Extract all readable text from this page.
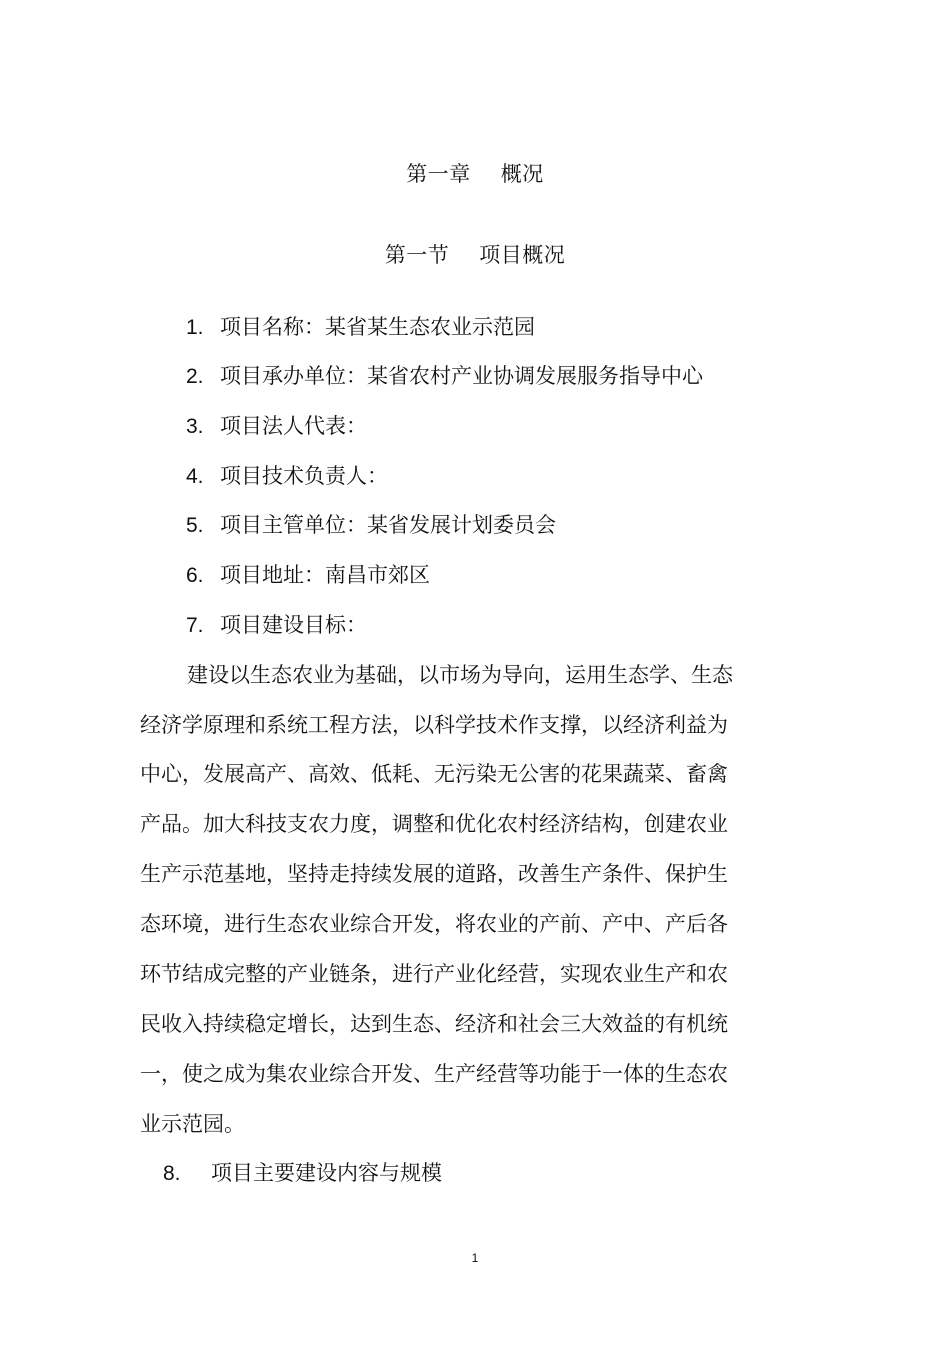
第一章 概况
第一节 项目概况
1. 项目名称：某省某生态农业示范园
2. 项目承办单位：某省农村产业协调发展服务指导中心
3. 项目法人代表：
4. 项目技术负责人：
5. 项目主管单位：某省发展计划委员会
6. 项目地址：南昌市郊区
7. 项目建设目标：
建设以生态农业为基础，以市场为导向，运用生态学、生态
经济学原理和系统工程方法，以科学技术作支撑，以经济利益为
中心，发展高产、高效、低耗、无污染无公害的花果蔬菜、畜禽
产品。加大科技支农力度，调整和优化农村经济结构，创建农业
生产示范基地，坚持走持续发展的道路，改善生产条件、保护生
态环境，进行生态农业综合开发，将农业的产前、产中、产后各
环节结成完整的产业链条，进行产业化经营，实现农业生产和农
民收入持续稳定增长，达到生态、经济和社会三大效益的有机统
一，使之成为集农业综合开发、生产经营等功能于一体的生态农
业示范园。
8. 项目主要建设内容与规模
1
